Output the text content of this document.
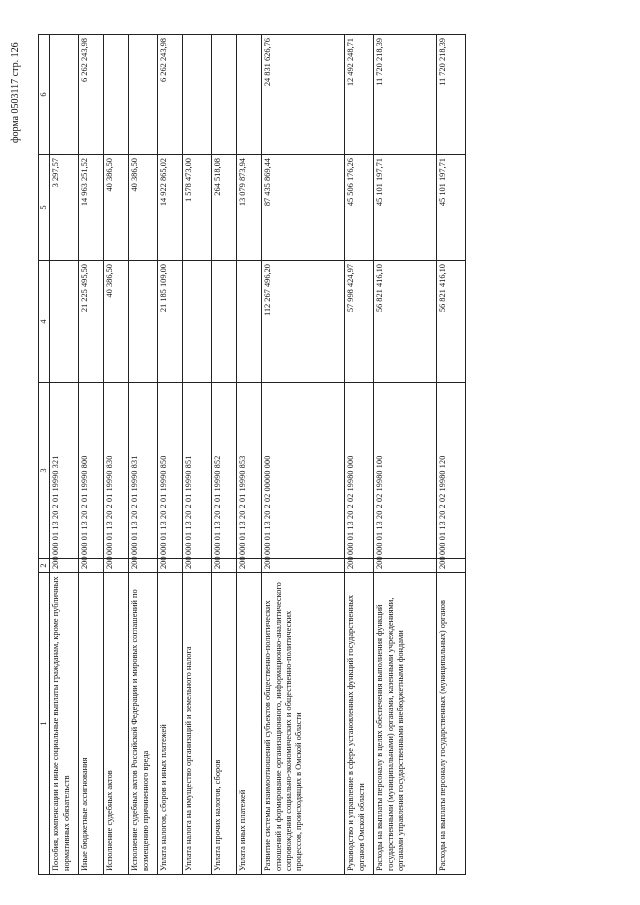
форма 0503117 стр. 126
1	2	3	4	5	6
Пособия, компенсации и иные социальные выплаты гражданам, кроме публичных нормативных обязательств	200	000 01 13 20 2 01 19990 321		3 297,57	
Иные бюджетные ассигнования	200	000 01 13 20 2 01 19990 800	21 225 495,50	14 963 251,52	6 262 243,98
Исполнение судебных актов	200	000 01 13 20 2 01 19990 830	40 386,50	40 386,50	
Исполнение судебных актов Российской Федерации и мировых соглашений по возмещению причиненного вреда	200	000 01 13 20 2 01 19990 831		40 386,50	
Уплата налогов, сборов и иных платежей	200	000 01 13 20 2 01 19990 850	21 185 109,00	14 922 865,02	6 262 243,98
Уплата налога на имущество организаций и земельного налога	200	000 01 13 20 2 01 19990 851		1 578 473,00	
Уплата прочих налогов, сборов	200	000 01 13 20 2 01 19990 852		264 518,08	
Уплата иных платежей	200	000 01 13 20 2 01 19990 853		13 079 873,94	
Развитие системы взаимоотношений субъектов общественно-политических отношений и формирование организационного, информационно-аналитического сопровождения социально-экономических и общественно-политических процессов, происходящих в Омской области	200	000 01 13 20 2 02 00000 000	112 267 496,20	87 435 869,44	24 831 626,76
Руководство и управление в сфере установленных функций государственных органов Омской области	200	000 01 13 20 2 02 19980 000	57 998 424,97	45 506 176,26	12 492 248,71
Расходы на выплаты персоналу в целях обеспечения выполнения функций государственными (муниципальными) органами, казенными учреждениями, органами управления государственными внебюджетными фондами	200	000 01 13 20 2 02 19980 100	56 821 416,10	45 101 197,71	11 720 218,39
Расходы на выплаты персоналу государственных (муниципальных) органов	200	000 01 13 20 2 02 19980 120	56 821 416,10	45 101 197,71	11 720 218,39
